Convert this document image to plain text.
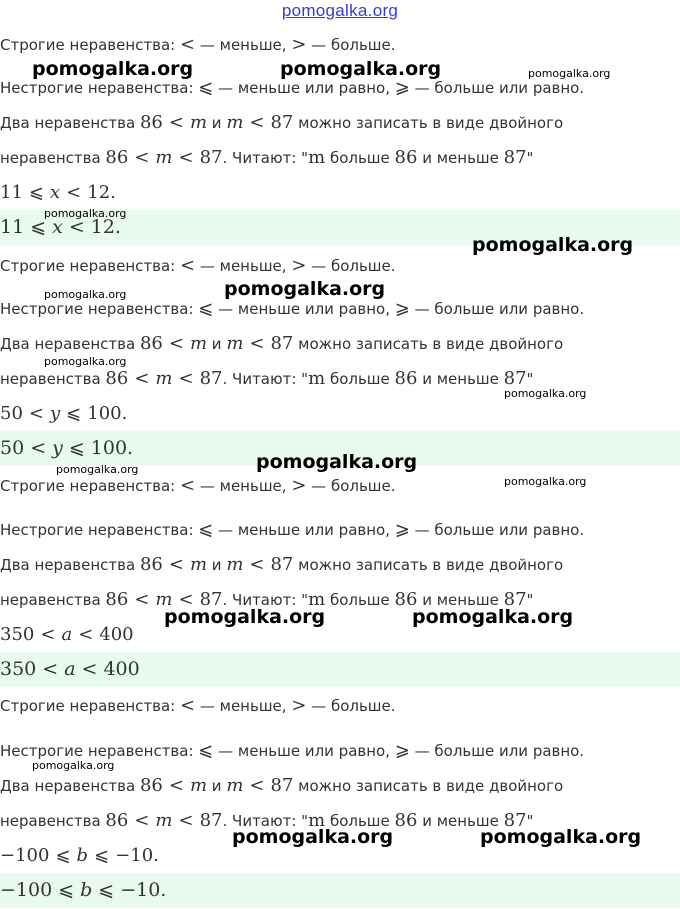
pomogalka.org
Строгие неравенства: < — меньше, > — больше.
Нестрогие неравенства: ⩽ — меньше или равно, ⩾ — больше или равно.
Два неравенства 86 < m и m < 87 можно записать в виде двойного
неравенства 86 < m < 87. Читают: "m больше 86 и меньше 87"
11 ⩽ x < 12.
11 ⩽ x < 12.
Строгие неравенства: < — меньше, > — больше.
Нестрогие неравенства: ⩽ — меньше или равно, ⩾ — больше или равно.
Два неравенства 86 < m и m < 87 можно записать в виде двойного
неравенства 86 < m < 87. Читают: "m больше 86 и меньше 87"
50 < y ⩽ 100.
50 < y ⩽ 100.
Строгие неравенства: < — меньше, > — больше.
Нестрогие неравенства: ⩽ — меньше или равно, ⩾ — больше или равно.
Два неравенства 86 < m и m < 87 можно записать в виде двойного
неравенства 86 < m < 87. Читают: "m больше 86 и меньше 87"
350 < a < 400
350 < a < 400
Строгие неравенства: < — меньше, > — больше.
Нестрогие неравенства: ⩽ — меньше или равно, ⩾ — больше или равно.
Два неравенства 86 < m и m < 87 можно записать в виде двойного
неравенства 86 < m < 87. Читают: "m больше 86 и меньше 87"
−100 ⩽ b ⩽ −10.
−100 ⩽ b ⩽ −10.
pomogalka.org	pomogalka.org	pomogalka.org
pomogalka.org
pomogalka.org
pomogalka.org	pomogalka.org
pomogalka.org
pomogalka.org
pomogalka.org	pomogalka.org
pomogalka.org
pomogalka.org	pomogalka.org
pomogalka.org
pomogalka.org	pomogalka.org
